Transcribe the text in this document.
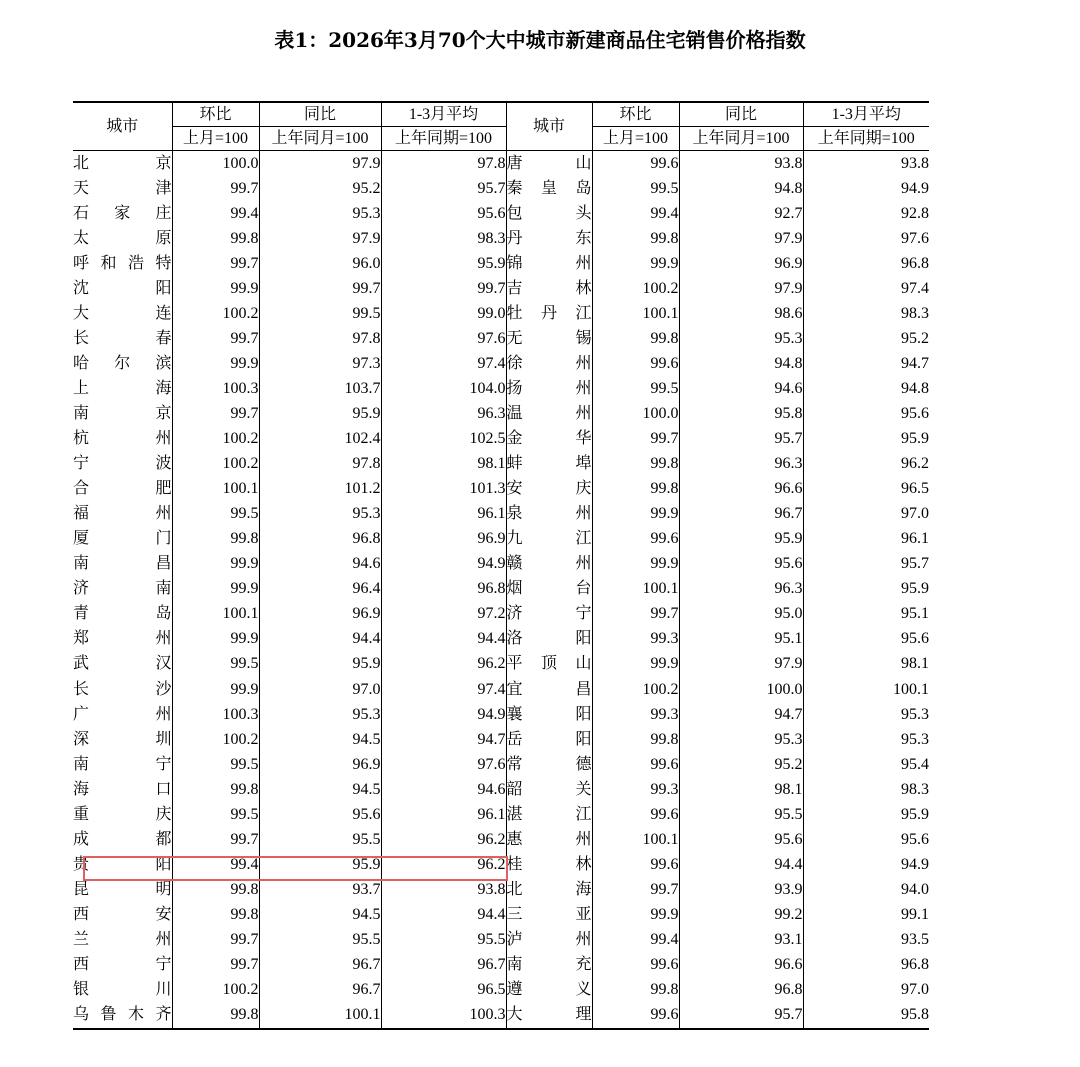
表1：2026年3月70个大中城市新建商品住宅销售价格指数
城市	环比	同比	1-3月平均	城市	环比	同比	1-3月平均
	上月=100	上年同月=100	上年同期=100		上月=100	上年同月=100	上年同期=100

北京	100.0	97.9	97.8	唐山	99.6	93.8	93.8

天津	99.7	95.2	95.7	秦皇岛	99.5	94.8	94.9

石家庄	99.4	95.3	95.6	包头	99.4	92.7	92.8

太原	99.8	97.9	98.3	丹东	99.8	97.9	97.6

呼和浩特	99.7	96.0	95.9	锦州	99.9	96.9	96.8

沈阳	99.9	99.7	99.7	吉林	100.2	97.9	97.4

大连	100.2	99.5	99.0	牡丹江	100.1	98.6	98.3

长春	99.7	97.8	97.6	无锡	99.8	95.3	95.2

哈尔滨	99.9	97.3	97.4	徐州	99.6	94.8	94.7

上海	100.3	103.7	104.0	扬州	99.5	94.6	94.8

南京	99.7	95.9	96.3	温州	100.0	95.8	95.6

杭州	100.2	102.4	102.5	金华	99.7	95.7	95.9

宁波	100.2	97.8	98.1	蚌埠	99.8	96.3	96.2

合肥	100.1	101.2	101.3	安庆	99.8	96.6	96.5

福州	99.5	95.3	96.1	泉州	99.9	96.7	97.0

厦门	99.8	96.8	96.9	九江	99.6	95.9	96.1

南昌	99.9	94.6	94.9	赣州	99.9	95.6	95.7

济南	99.9	96.4	96.8	烟台	100.1	96.3	95.9

青岛	100.1	96.9	97.2	济宁	99.7	95.0	95.1

郑州	99.9	94.4	94.4	洛阳	99.3	95.1	95.6

武汉	99.5	95.9	96.2	平顶山	99.9	97.9	98.1

长沙	99.9	97.0	97.4	宜昌	100.2	100.0	100.1

广州	100.3	95.3	94.9	襄阳	99.3	94.7	95.3

深圳	100.2	94.5	94.7	岳阳	99.8	95.3	95.3

南宁	99.5	96.9	97.6	常德	99.6	95.2	95.4

海口	99.8	94.5	94.6	韶关	99.3	98.1	98.3

重庆	99.5	95.6	96.1	湛江	99.6	95.5	95.9

成都	99.7	95.5	96.2	惠州	100.1	95.6	95.6

贵阳	99.4	95.9	96.2	桂林	99.6	94.4	94.9

昆明	99.8	93.7	93.8	北海	99.7	93.9	94.0

西安	99.8	94.5	94.4	三亚	99.9	99.2	99.1

兰州	99.7	95.5	95.5	泸州	99.4	93.1	93.5

西宁	99.7	96.7	96.7	南充	99.6	96.6	96.8

银川	100.2	96.7	96.5	遵义	99.8	96.8	97.0

乌鲁木齐	99.8	100.1	100.3	大理	99.6	95.7	95.8
